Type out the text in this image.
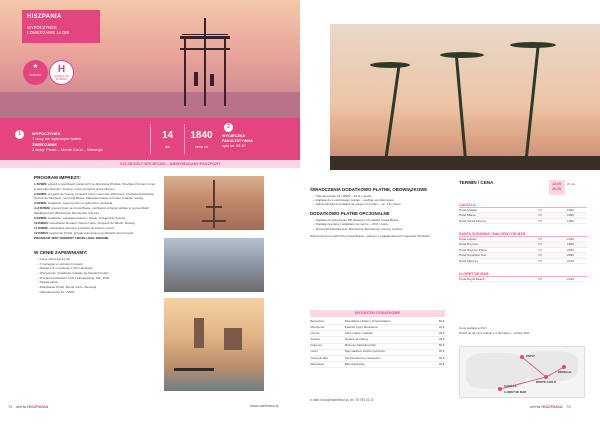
HISZPANIA
WYPOCZYNEK
I ZWIEDZANIE 14 DNI
*
NOWOŚĆ
H
HOTELE DO WYBORU
1	WYPOCZYNEK
7 nocy we wybranym hotelu
ZWIEDZANIE
2 doby: Punkt – Monte Carlo – Wenecja
14
dni
1840
cena od
2
WYCIECZKA
FAKULTATYWNA
opis str. 65-67
SZCZEGÓŁY WYCIECZKI – NIEWYMAGANY PASZPORT
PROGRAM IMPREZY:

1 DZIEŃ: wyjazd w godzinach porannych ze Zgorzelca (Polska, Wrocław, Poznań i inne) w kierunku Niemiec i Francji, nocny przejazd przez Niemcy.

2 DZIEŃ: przyjazd do Francji, przejazd przez Lazurowe Wybrzeże, przejazd Autostradą Słońca do Hiszpanii, na Costa Brava. Zakwaterowanie w hotelu, kolacja, nocleg.

3 DZIEŃ: śniadanie, wypoczynek na wybrzeżu, rekreacja.

4–8 DZIEŃ: wypoczynek na Costa Brava, możliwość wzięcia udziału w wycieczkach fakultatywnych (Barcelona, Montserrat, Girona).

9 DZIEŃ: śniadanie, wykwaterowanie z hotelu, przejazd do Francji.

10 DZIEŃ: zwiedzanie Monako i Monte Carlo, przejazd do Włoch. Nocleg.

11 DZIEŃ: zwiedzanie Wenecji, przejazd do Austrii, Czech.

12 DZIEŃ: powrót do Polski, przyjazd do kraju w godzinach wieczornych.

PROGRAM JEST RAMOWY I MOŻE ULEC ZMIANIE.

W CENIE ZAPEWNIAMY:
– Cena: Wenecja 14 dni
– 7 noclegów w wybranym hotelu
– Pokoje 2,3,4 osobowe z WC i łazienką
– Wyżywienie: śniadania i kolacje (w hotelach bufet)
– Przejazd autokarem LUX z klimatyzacją, WC, DVD
– Opieka pilota
– Zwiedzanie Punkt, Monte Carlo, Wenecja
– Ubezpieczenie KL i NNW
72 oferta HISZPANIA	www.martintour.pl
ŚWIADCZENIA DODATKOWO PŁATNE, OBOWIĄZKOWE
– Ubezpieczenie KL i NNW – 10 zł / osoba
– Dopłata do 1-osobowego pokoju – według cennika hotelu
– Taksa klimatyczna płatna na miejscu w hotelu – ok. 1 € / dzień
DODATKOWO PŁATNE OPCJONALNE
– Dopłata za wyżywienie HB (kolacje) w hotelach Costa Brava
– Dopłata za pokój z widokiem na morze – 45 € / pokój
– Wycieczki fakultatywne: Barcelona, Montserrat, Girona, Andora

Wypoczynek na wybrzeżu Costa Brava – jednym z najpiękniejszych regionów Hiszpanii.

WYCIECZKI DODATKOWE
Barcelona	Zwiedzanie miasta z przewodnikiem	50 €
Montserrat	Klasztor i góry Montserrat	45 €
Girona	Stare miasto i katedra	40 €
Andora	Wyjazd na zakupy	45 €
Figueres	Muzeum Salvadora Dalí	50 €
Lloret	Rejs statkiem wzdłuż wybrzeża	30 €
Tossa de Mar	Średniowieczne miasteczko	30 €
Warszawa	Bilet dojazdowy	20 €
e-mail: biuro@martintour.pl, tel. 75 755 21 22
TERMIN / CENA	13.09.
26.09.
zł / os.
CALELLA
Hotel Calella	HB	1840
Hotel Miami	HB	1890
Hotel Santa Monica	HB	1990
SANTA SUSANNA / MALGRAT DE MAR
Hotel Capitol	HB	1940
Hotel Reymar	HB	1990
Hotel Reymar Playa	HB	2040
Hotel Sunshine Sun	HB	2090
Hotel Mercury	HB	2140
LLORET DE MAR
Hotel Royal Beach	HB	2190
Ceny podane w PLN
Dzieci do lat 12 w pokoju z 2 dorosłymi – zniżka 10%
PARYŻ
MONTE CARLO
WENECJA
CALELLA
LLORET DE MAR
oferta HISZPANIA 73
